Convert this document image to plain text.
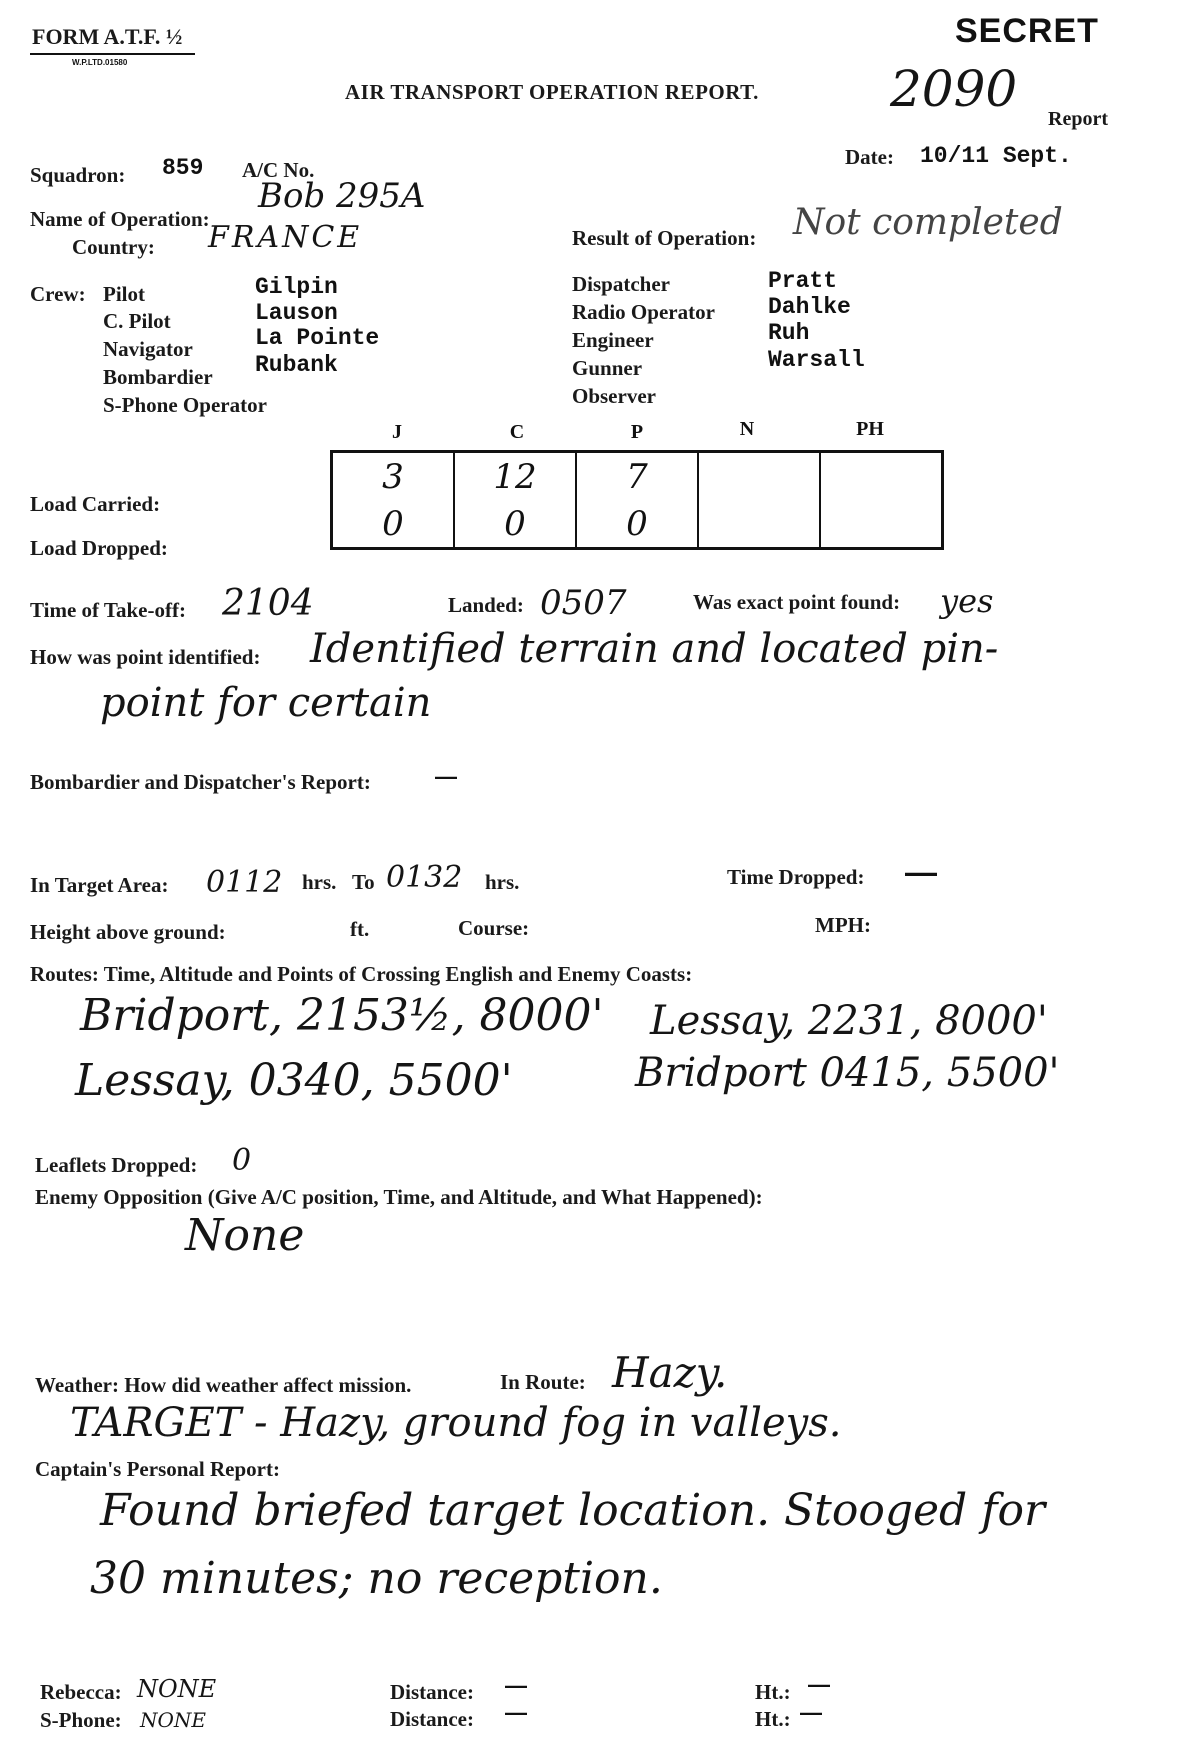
FORM A.T.F. ½
W.P.LTD.01580
SECRET
AIR TRANSPORT OPERATION REPORT.	2090
Report
Date: 10/11 Sept.
Squadron: 859 A/C No.
Name of Operation:
Bob 295A
Country: FRANCE	Result of Operation: Not completed
Crew: Pilot	Gilpin
C. Pilot	Lauson
Navigator	La Pointe
Bombardier Rubank
S-Phone Operator
Dispatcher	Pratt
Radio Operator Dahlke
Engineer	Ruh
Gunner	Warsall
Observer
J	C	P	N	PH
3	12	7		
0	0	0		
Load Carried:
Load Dropped:
Time of Take-off: 2104	Landed: 0507	Was exact point found: yes
How was point identified: Identified terrain and located pin-
point for certain
Bombardier and Dispatcher's Report:	—
In Target Area: 0112 hrs. To 0132 hrs.	Time Dropped: —
Height above ground:	ft.	Course:	MPH:
Routes: Time, Altitude and Points of Crossing English and Enemy Coasts:
Bridport, 2153½, 8000' Lessay, 2231, 8000'
Lessay, 0340, 5500'	Bridport 0415, 5500'
Leaflets Dropped: 0
Enemy Opposition (Give A/C position, Time, and Altitude, and What Happened):
None
Weather: How did weather affect mission.	In Route: Hazy.
TARGET - Hazy, ground fog in valleys.
Captain's Personal Report:
Found briefed target location. Stooged for
30 minutes; no reception.
Rebecca: NONE
S-Phone: NONE
Distance: —
Distance: —
Ht.: —
Ht.: —
